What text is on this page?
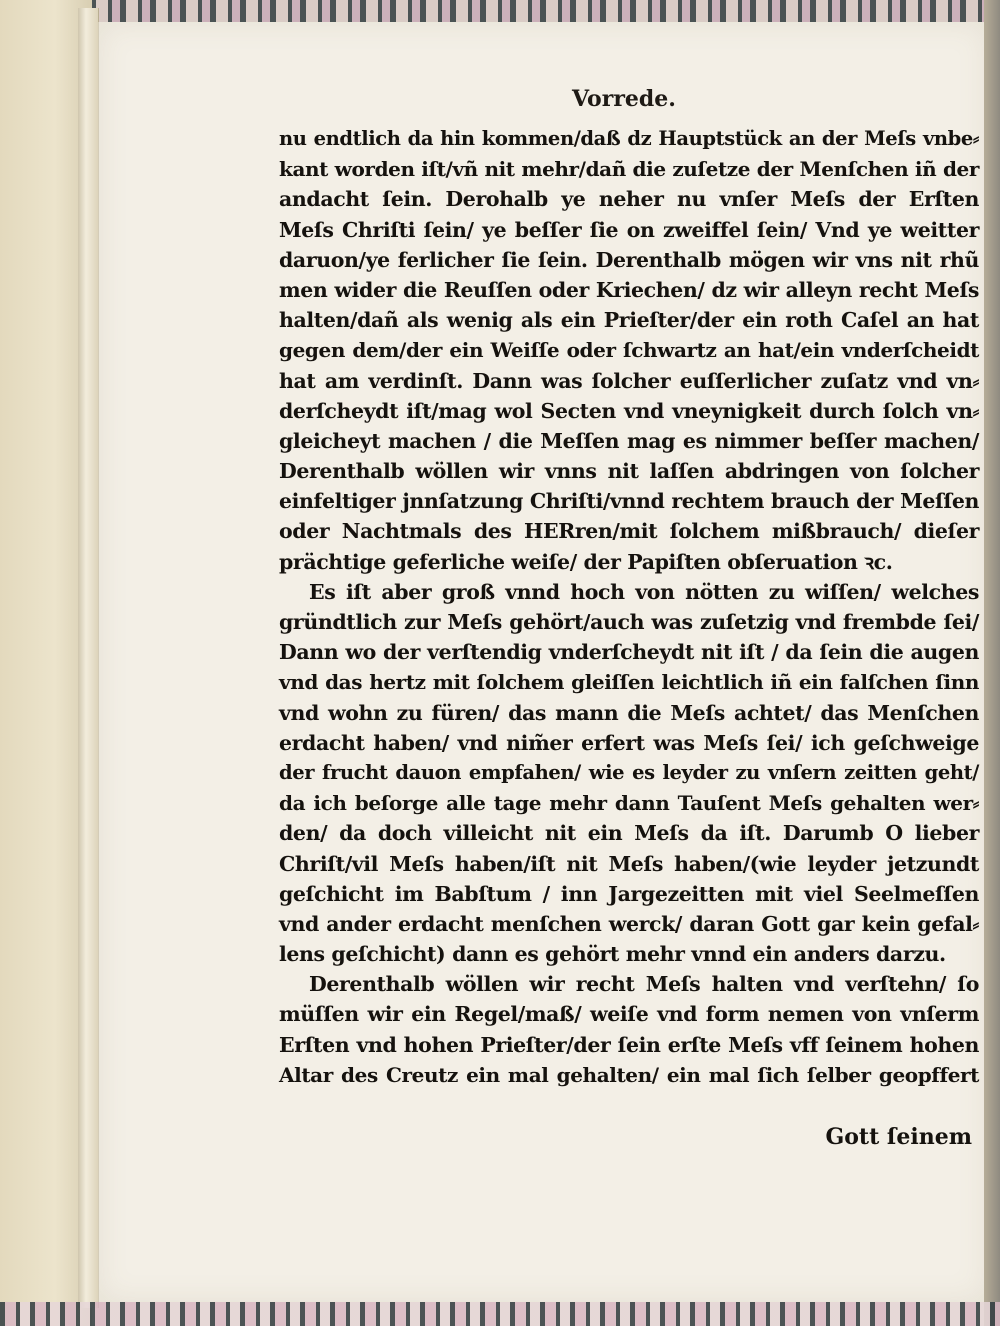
Vorrede.
nu endtlich da hin kommen/daß dz Hauptstück an der Meſs vnbe⸗
kant worden iſt/vñ nit mehr/dañ die zuſetze der Menſchen iñ der
andacht ſein. Derohalb ye neher nu vnſer Meſs der Erſten
Meſs Chriſti ſein/ ye beſſer ſie on zweiffel ſein/ Vnd ye weitter
daruon/ye ferlicher ſie ſein. Derenthalb mögen wir vns nit rhũ
men wider die Reuſſen oder Kriechen/ dz wir alleyn recht Meſs
halten/dañ als wenig als ein Prieſter/der ein roth Caſel an hat
gegen dem/der ein Weiſſe oder ſchwartz an hat/ein vnderſcheidt
hat am verdinſt. Dann was ſolcher euſſerlicher zuſatz vnd vn⸗
derſcheydt iſt/mag wol Secten vnd vneynigkeit durch ſolch vn⸗
gleicheyt machen / die Meſſen mag es nimmer beſſer machen/
Derenthalb wöllen wir vnns nit laſſen abdringen von ſolcher
einfeltiger jnnſatzung Chriſti/vnnd rechtem brauch der Meſſen
oder Nachtmals des HERren/mit ſolchem mißbrauch/ dieſer
prächtige geferliche weiſe/ der Papiſten obſeruation ꝛc.
Es iſt aber groß vnnd hoch von nötten zu wiſſen/ welches
gründtlich zur Meſs gehört/auch was zuſetzig vnd frembde ſei/
Dann wo der verſtendig vnderſcheydt nit iſt / da ſein die augen
vnd das hertz mit ſolchem gleiſſen leichtlich iñ ein falſchen ſinn
vnd wohn zu füren/ das mann die Meſs achtet/ das Menſchen
erdacht haben/ vnd nim̃er erfert was Meſs ſei/ ich geſchweige
der frucht dauon empfahen/ wie es leyder zu vnſern zeitten geht/
da ich beſorge alle tage mehr dann Tauſent Meſs gehalten wer⸗
den/ da doch villeicht nit ein Meſs da iſt. Darumb O lieber
Chriſt/vil Meſs haben/iſt nit Meſs haben/(wie leyder jetzundt
geſchicht im Babſtum / inn Jargezeitten mit viel Seelmeſſen
vnd ander erdacht menſchen werck/ daran Gott gar kein gefal⸗
lens geſchicht) dann es gehört mehr vnnd ein anders darzu.
Derenthalb wöllen wir recht Meſs halten vnd verſtehn/ ſo
müſſen wir ein Regel/maß/ weiſe vnd form nemen von vnſerm
Erſten vnd hohen Prieſter/der ſein erſte Meſs vff ſeinem hohen
Altar des Creutz ein mal gehalten/ ein mal ſich ſelber geopffert
Gott ſeinem
